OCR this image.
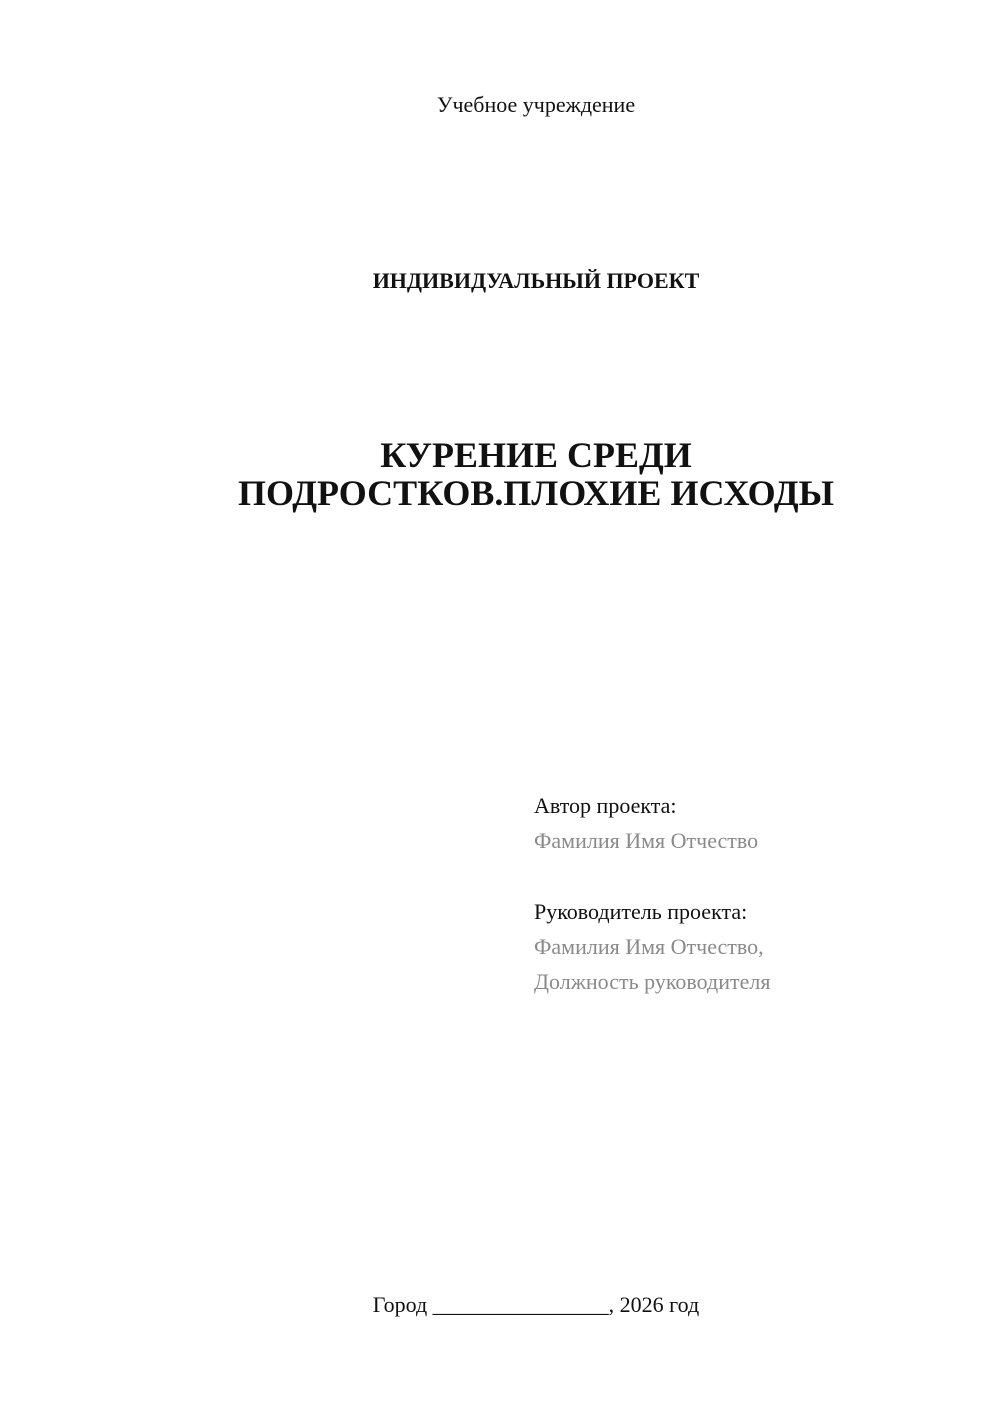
Учебное учреждение
ИНДИВИДУАЛЬНЫЙ ПРОЕКТ
КУРЕНИЕ СРЕДИ
ПОДРОСТКОВ.ПЛОХИЕ ИСХОДЫ
Автор проекта:
Фамилия Имя Отчество
Руководитель проекта:
Фамилия Имя Отчество,
Должность руководителя
Город ________________, 2026 год
